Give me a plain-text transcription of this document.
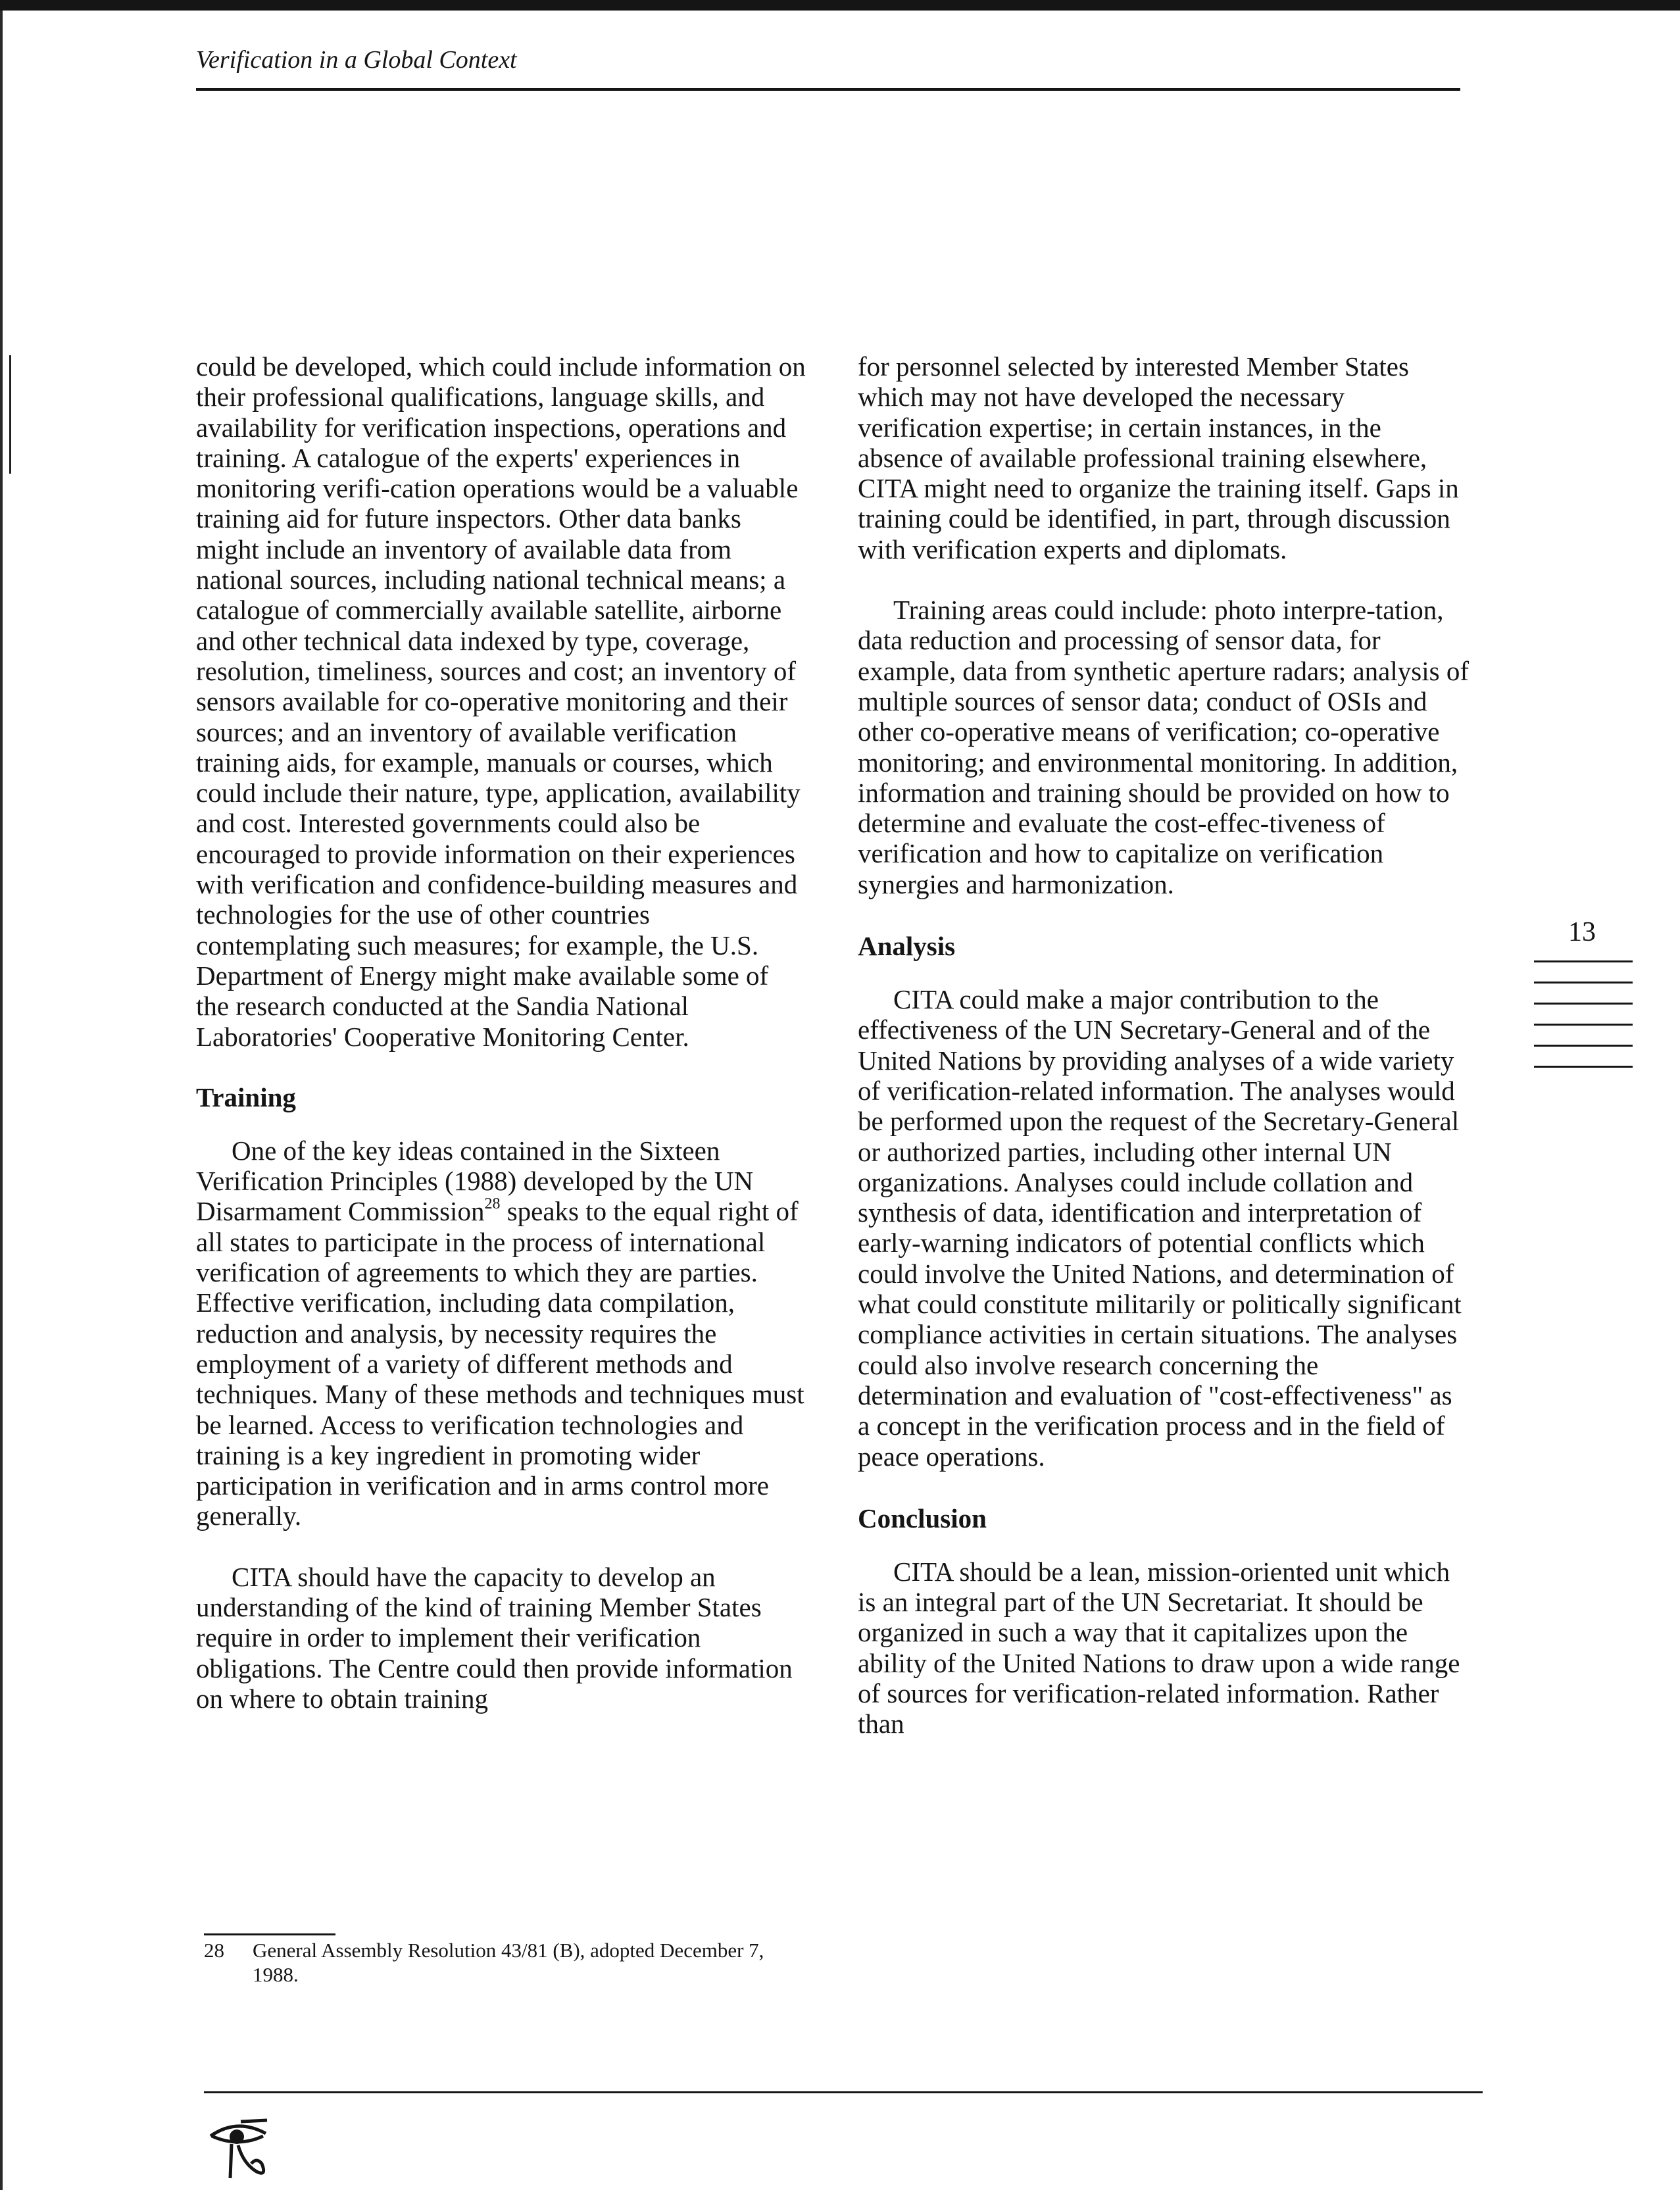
Verification in a Global Context

could be developed, which could include information on their professional qualifications, language skills, and availability for verification inspections, operations and training. A catalogue of the experts' experiences in monitoring verifi-cation operations would be a valuable training aid for future inspectors. Other data banks might include an inventory of available data from national sources, including national technical means; a catalogue of commercially available satellite, airborne and other technical data indexed by type, coverage, resolution, timeliness, sources and cost; an inventory of sensors available for co-operative monitoring and their sources; and an inventory of available verification training aids, for example, manuals or courses, which could include their nature, type, application, availability and cost. Interested governments could also be encouraged to provide information on their experiences with verification and confidence-building measures and technologies for the use of other countries contemplating such measures; for example, the U.S. Department of Energy might make available some of the research conducted at the Sandia National Laboratories' Cooperative Monitoring Center.

Training

One of the key ideas contained in the Sixteen Verification Principles (1988) developed by the UN Disarmament Commission$^{28}$ speaks to the equal right of all states to participate in the process of international verification of agreements to which they are parties. Effective verification, including data compilation, reduction and analysis, by necessity requires the employment of a variety of different methods and techniques. Many of these methods and techniques must be learned. Access to verification technologies and training is a key ingredient in promoting wider participation in verification and in arms control more generally.

CITA should have the capacity to develop an understanding of the kind of training Member States require in order to implement their verification obligations. The Centre could then provide information on where to obtain training

for personnel selected by interested Member States which may not have developed the necessary verification expertise; in certain instances, in the absence of available professional training elsewhere, CITA might need to organize the training itself. Gaps in training could be identified, in part, through discussion with verification experts and diplomats.

Training areas could include: photo interpre-tation, data reduction and processing of sensor data, for example, data from synthetic aperture radars; analysis of multiple sources of sensor data; conduct of OSIs and other co-operative means of verification; co-operative monitoring; and environmental monitoring. In addition, information and training should be provided on how to determine and evaluate the cost-effec-tiveness of verification and how to capitalize on verification synergies and harmonization.

Analysis

CITA could make a major contribution to the effectiveness of the UN Secretary-General and of the United Nations by providing analyses of a wide variety of verification-related information. The analyses would be performed upon the request of the Secretary-General or authorized parties, including other internal UN organizations. Analyses could include collation and synthesis of data, identification and interpretation of early-warning indicators of potential conflicts which could involve the United Nations, and determination of what could constitute militarily or politically significant compliance activities in certain situations. The analyses could also involve research concerning the determination and evaluation of "cost-effectiveness" as a concept in the verification process and in the field of peace operations.

Conclusion

CITA should be a lean, mission-oriented unit which is an integral part of the UN Secretariat. It should be organized in such a way that it capitalizes upon the ability of the United Nations to draw upon a wide range of sources for verification-related information. Rather than

13
28 General Assembly Resolution 43/81 (B), adopted December 7, 1988.
